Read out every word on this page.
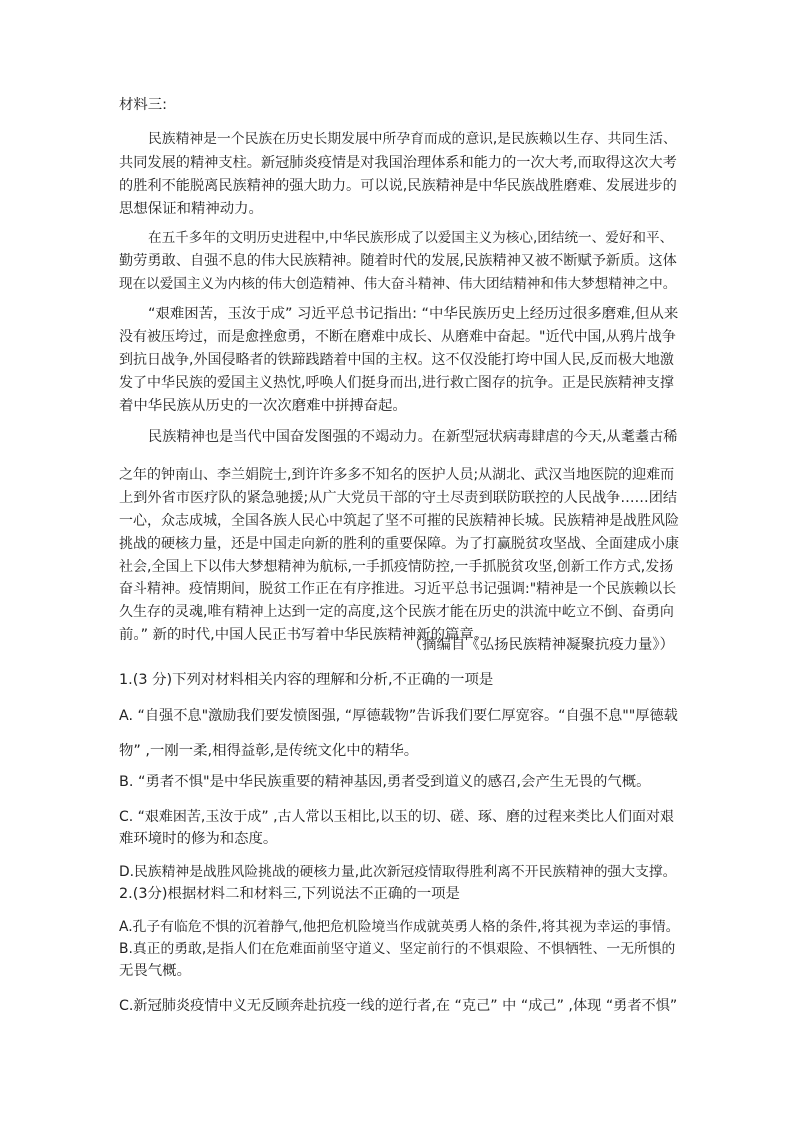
材料三:
民族精神是一个民族在历史长期发展中所孕育而成的意识,是民族赖以生存、共同生活、
共同发展的精神支柱。新冠肺炎疫情是对我国治理体系和能力的一次大考,而取得这次大考
的胜利不能脱离民族精神的强大助力。可以说,民族精神是中华民族战胜磨难、发展进步的
思想保证和精神动力。
在五千多年的文明历史进程中,中华民族形成了以爱国主义为核心,团结统一、爱好和平、
勤劳勇敢、自强不息的伟大民族精神。随着时代的发展,民族精神又被不断赋予新质。这体
现在以爱国主义为内核的伟大创造精神、伟大奋斗精神、伟大团结精神和伟大梦想精神之中。
“艰难困苦，玉汝于成” 习近平总书记指出: “中华民族历史上经历过很多磨难,但从来
没有被压垮过，而是愈挫愈勇，不断在磨难中成长、从磨难中奋起。"近代中国,从鸦片战争
到抗日战争,外国侵略者的铁蹄践踏着中国的主权。这不仅没能打垮中国人民,反而极大地激
发了中华民族的爱国主义热忱,呼唤人们挺身而出,进行救亡图存的抗争。正是民族精神支撑
着中华民族从历史的一次次磨难中拼搏奋起。
民族精神也是当代中国奋发图强的不竭动力。在新型冠状病毒肆虐的今天,从耄耋古稀
之年的钟南山、李兰娟院士,到许许多多不知名的医护人员;从湖北、武汉当地医院的迎难而
上到外省市医疗队的紧急驰援;从广大党员干部的守土尽责到联防联控的人民战争……团结
一心，众志成城，全国各族人民心中筑起了坚不可摧的民族精神长城。民族精神是战胜风险
挑战的硬核力量，还是中国走向新的胜利的重要保障。为了打赢脱贫攻坚战、全面建成小康
社会,全国上下以伟大梦想精神为航标,一手抓疫情防控,一手抓脱贫攻坚,创新工作方式,发扬
奋斗精神。疫情期间，脱贫工作正在有序推进。习近平总书记强调:"精神是一个民族赖以长
久生存的灵魂,唯有精神上达到一定的高度,这个民族才能在历史的洪流中屹立不倒、奋勇向
前。” 新的时代,中国人民正书写着中华民族精神新的篇章。
（摘编自《弘扬民族精神凝聚抗疫力量》）
1.(3 分)下列对材料相关内容的理解和分析,不正确的一项是
A. “自强不息"激励我们要发愤图强, “厚德载物”告诉我们要仁厚宽容。“自强不息""厚德载
物” ,一刚一柔,相得益彰,是传统文化中的精华。
B. “勇者不惧"是中华民族重要的精神基因,勇者受到道义的感召,会产生无畏的气概。
C. “艰难困苦,玉汝于成” ,古人常以玉相比,以玉的切、磋、琢、磨的过程来类比人们面对艰
难环境时的修为和态度。
D.民族精神是战胜风险挑战的硬核力量,此次新冠疫情取得胜利离不开民族精神的强大支撑。
2.(3分)根据材料二和材料三,下列说法不正确的一项是
A.孔子有临危不惧的沉着静气,他把危机险境当作成就英勇人格的条件,将其视为幸运的事情。
B.真正的勇敢,是指人们在危难面前坚守道义、坚定前行的不惧艰险、不惧牺牲、一无所惧的
无畏气概。
C.新冠肺炎疫情中义无反顾奔赴抗疫一线的逆行者,在 “克己” 中 “成己” ,体现 “勇者不惧”
